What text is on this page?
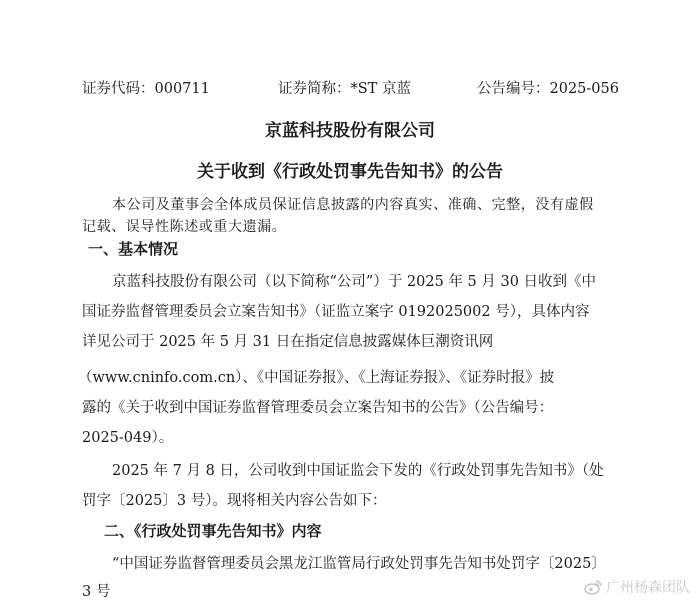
证券代码：000711	证券简称：*ST 京蓝	公告编号：2025-056
京蓝科技股份有限公司
关于收到《行政处罚事先告知书》的公告
本公司及董事会全体成员保证信息披露的内容真实、准确、完整，没有虚假
记载、误导性陈述或重大遗漏。
一、基本情况
京蓝科技股份有限公司（以下简称“公司”）于 2025 年 5 月 30 日收到《中
国证券监督管理委员会立案告知书》（证监立案字 0192025002 号），具体内容
详见公司于 2025 年 5 月 31 日在指定信息披露媒体巨潮资讯网
（www.cninfo.com.cn）、《中国证券报》、《上海证券报》、《证券时报》披
露的《关于收到中国证券监督管理委员会立案告知书的公告》（公告编号：
2025-049）。
2025 年 7 月 8 日，公司收到中国证监会下发的《行政处罚事先告知书》（处
罚字〔2025〕3 号）。现将相关内容公告如下：
二、《行政处罚事先告知书》内容
“中国证券监督管理委员会黑龙江监管局行政处罚事先告知书处罚字〔2025〕
3 号	广州杨森团队
